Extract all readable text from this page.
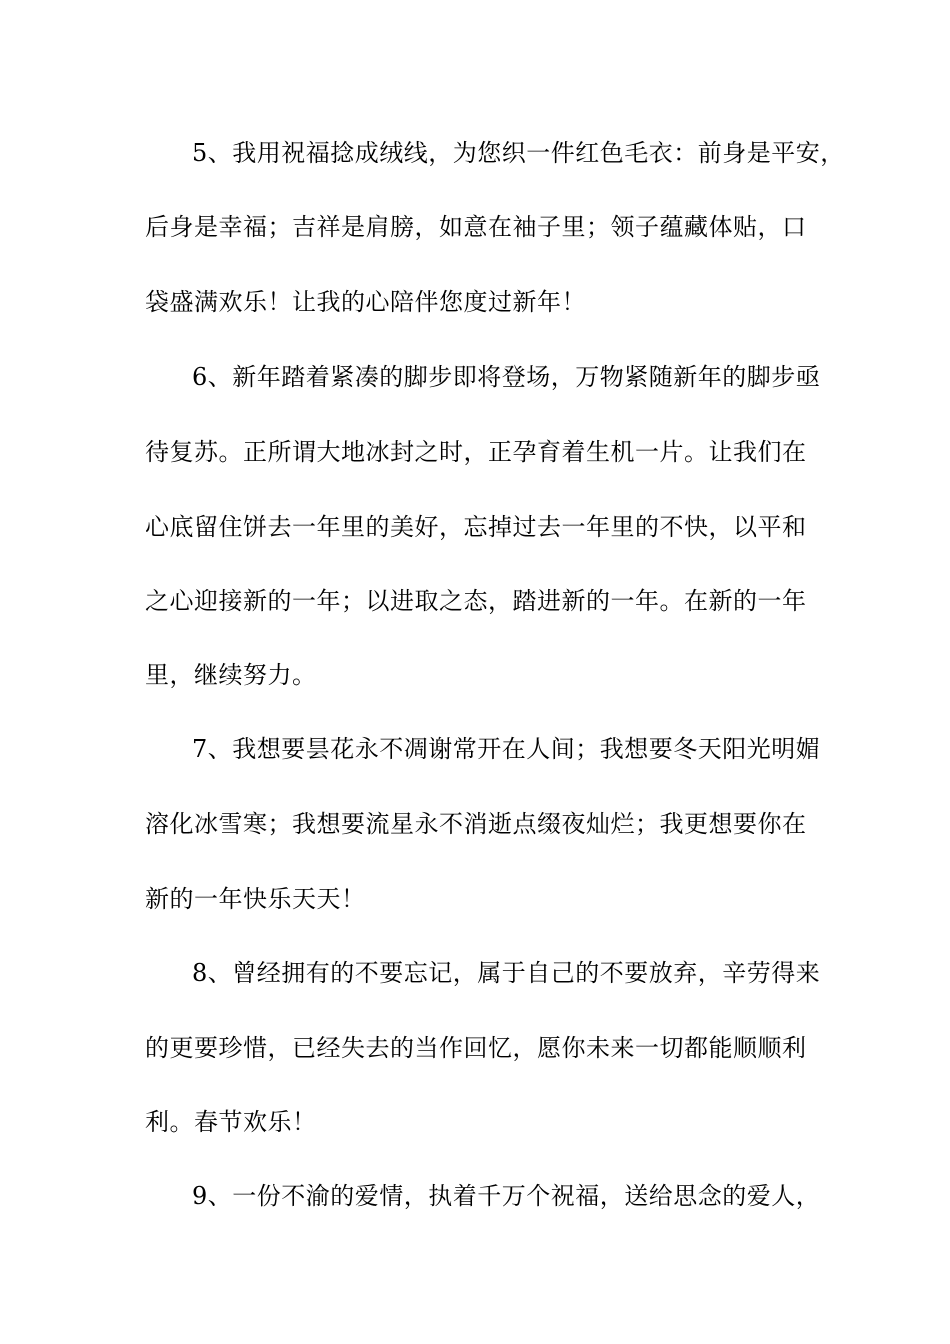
5、我用祝福捻成绒线，为您织一件红色毛衣：前身是平安，
后身是幸福；吉祥是肩膀，如意在袖子里；领子蕴藏体贴，口
袋盛满欢乐！让我的心陪伴您度过新年！
6、新年踏着紧凑的脚步即将登场，万物紧随新年的脚步亟
待复苏。正所谓大地冰封之时，正孕育着生机一片。让我们在
心底留住饼去一年里的美好，忘掉过去一年里的不快，以平和
之心迎接新的一年；以进取之态，踏进新的一年。在新的一年
里，继续努力。
7、我想要昙花永不凋谢常开在人间；我想要冬天阳光明媚
溶化冰雪寒；我想要流星永不消逝点缀夜灿烂；我更想要你在
新的一年快乐天天！
8、曾经拥有的不要忘记，属于自己的不要放弃，辛劳得来
的更要珍惜，已经失去的当作回忆，愿你未来一切都能顺顺利
利。春节欢乐！
9、一份不渝的爱情，执着千万个祝福，送给思念的爱人，
